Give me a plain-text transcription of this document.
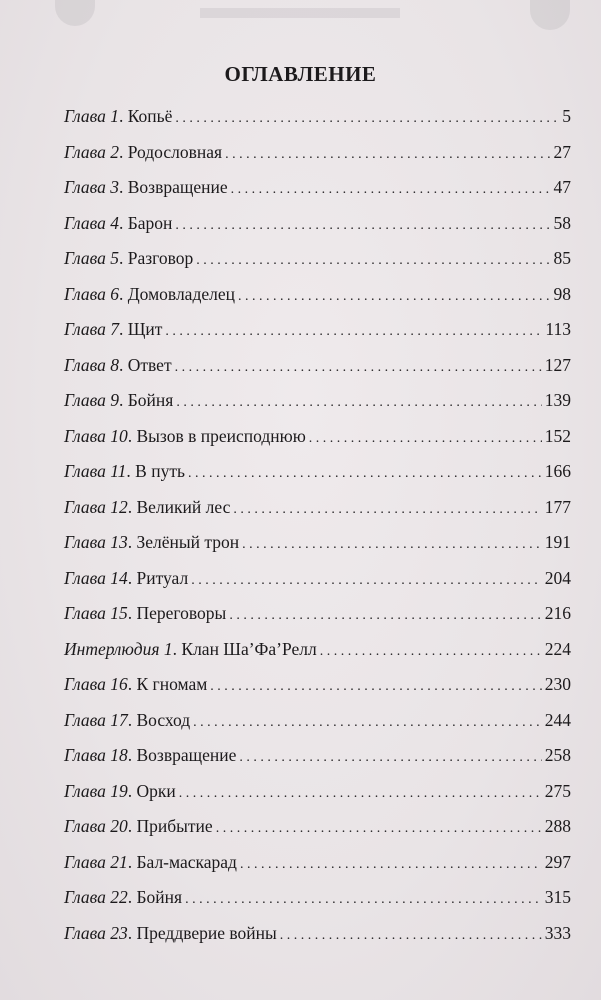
ОГЛАВЛЕНИЕ
Глава 1. Копьё . . .	5
Глава 2. Родословная . . .	27
Глава 3. Возвращение . . .	47
Глава 4. Барон . . .	58
Глава 5. Разговор . . .	85
Глава 6. Домовладелец . . .	98
Глава 7. Щит . . .	113
Глава 8. Ответ . . .	127
Глава 9. Бойня . . .	139
Глава 10. Вызов в преисподнюю . . .	152
Глава 11. В путь . . .	166
Глава 12. Великий лес . . .	177
Глава 13. Зелёный трон . . .	191
Глава 14. Ритуал . . .	204
Глава 15. Переговоры . . .	216
Интерлюдия 1. Клан Ша’Фа’Релл . . .	224
Глава 16. К гномам . . .	230
Глава 17. Восход . . .	244
Глава 18. Возвращение . . .	258
Глава 19. Орки . . .	275
Глава 20. Прибытие . . .	288
Глава 21. Бал-маскарад . . .	297
Глава 22. Бойня . . .	315
Глава 23. Преддверие войны . . .	333
